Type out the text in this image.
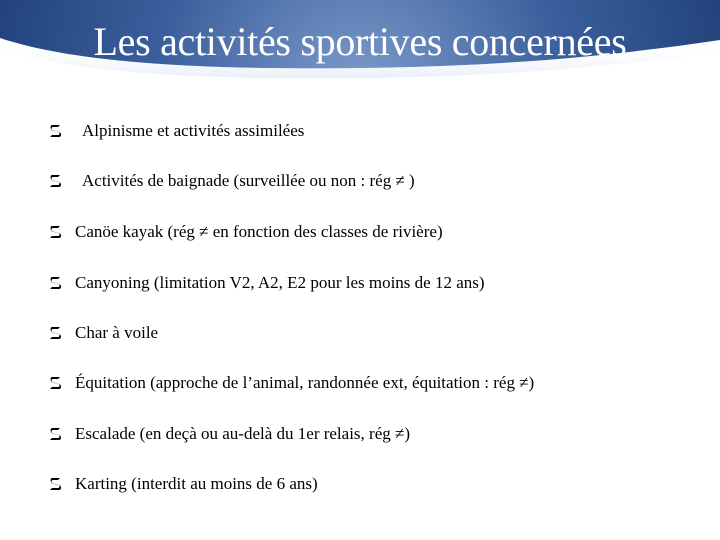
Les activités sportives concernées
Alpinisme et activités assimilées
Activités de baignade (surveillée ou non : rég ≠ )
Canöe kayak (rég ≠ en fonction des classes de rivière)
Canyoning (limitation V2, A2, E2 pour les moins de 12 ans)
Char à voile
Équitation (approche de l’animal, randonnée ext, équitation : rég ≠)
Escalade (en deçà ou au-delà du 1er relais, rég ≠)
Karting (interdit au moins de 6 ans)
